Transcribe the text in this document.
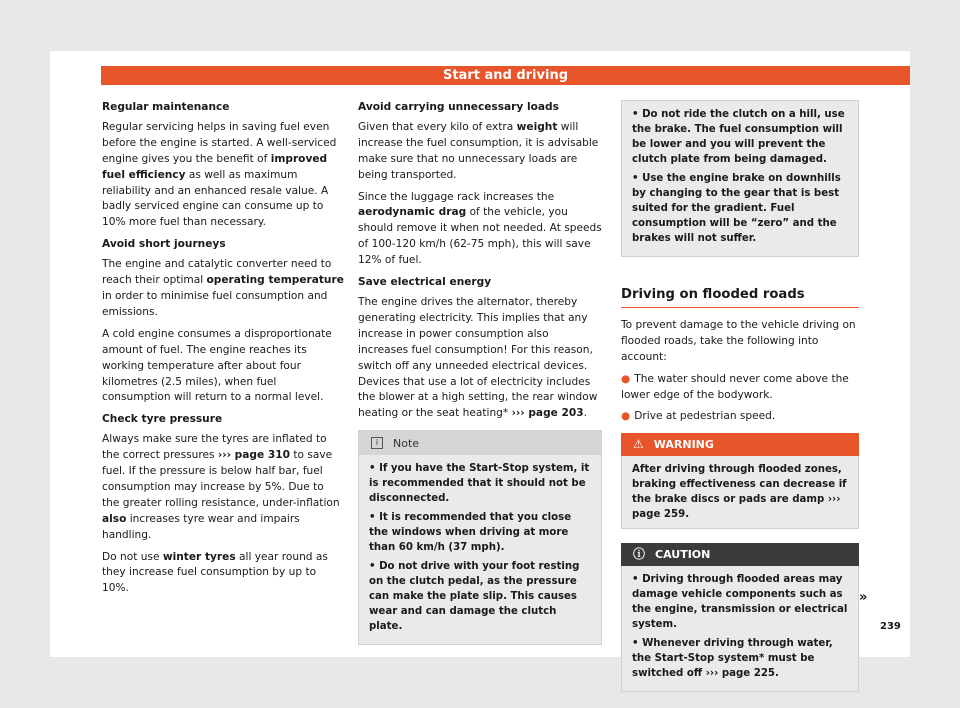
Start and driving
Regular maintenance

Regular servicing helps in saving fuel even before the engine is started. A well-serviced engine gives you the benefit of improved fuel efficiency as well as maximum reliability and an enhanced resale value. A badly serviced engine can consume up to 10% more fuel than necessary.

Avoid short journeys

The engine and catalytic converter need to reach their optimal operating temperature in order to minimise fuel consumption and emissions.

A cold engine consumes a disproportionate amount of fuel. The engine reaches its working temperature after about four kilometres (2.5 miles), when fuel consumption will return to a normal level.

Check tyre pressure

Always make sure the tyres are inflated to the correct pressures ››› page 310 to save fuel. If the pressure is below half bar, fuel consumption may increase by 5%. Due to the greater rolling resistance, under-inflation also increases tyre wear and impairs handling.

Do not use winter tyres all year round as they increase fuel consumption by up to 10%.

Avoid carrying unnecessary loads

Given that every kilo of extra weight will increase the fuel consumption, it is advisable make sure that no unnecessary loads are being transported.

Since the luggage rack increases the aerodynamic drag of the vehicle, you should remove it when not needed. At speeds of 100-120 km/h (62-75 mph), this will save 12% of fuel.

Save electrical energy

The engine drives the alternator, thereby generating electricity. This implies that any increase in power consumption also increases fuel consumption! For this reason, switch off any unneeded electrical devices. Devices that use a lot of electricity includes the blower at a high setting, the rear window heating or the seat heating* ››› page 203.

i	Note

• If you have the Start-Stop system, it is recommended that it should not be disconnected.

• It is recommended that you close the windows when driving at more than 60 km/h (37 mph).

• Do not drive with your foot resting on the clutch pedal, as the pressure can make the plate slip. This causes wear and can damage the clutch plate.

• Do not ride the clutch on a hill, use the brake. The fuel consumption will be lower and you will prevent the clutch plate from being damaged.

• Use the engine brake on downhills by changing to the gear that is best suited for the gradient. Fuel consumption will be “zero” and the brakes will not suffer.

Driving on flooded roads

To prevent damage to the vehicle driving on flooded roads, take the following into account:

● The water should never come above the lower edge of the bodywork.

● Drive at pedestrian speed.

⚠ WARNING
After driving through flooded zones, braking effectiveness can decrease if the brake discs or pads are damp ››› page 259.
ⓘ CAUTION

• Driving through flooded areas may damage vehicle components such as the engine, transmission or electrical system.

• Whenever driving through water, the Start-Stop system* must be switched off ››› page 225.

»
239
